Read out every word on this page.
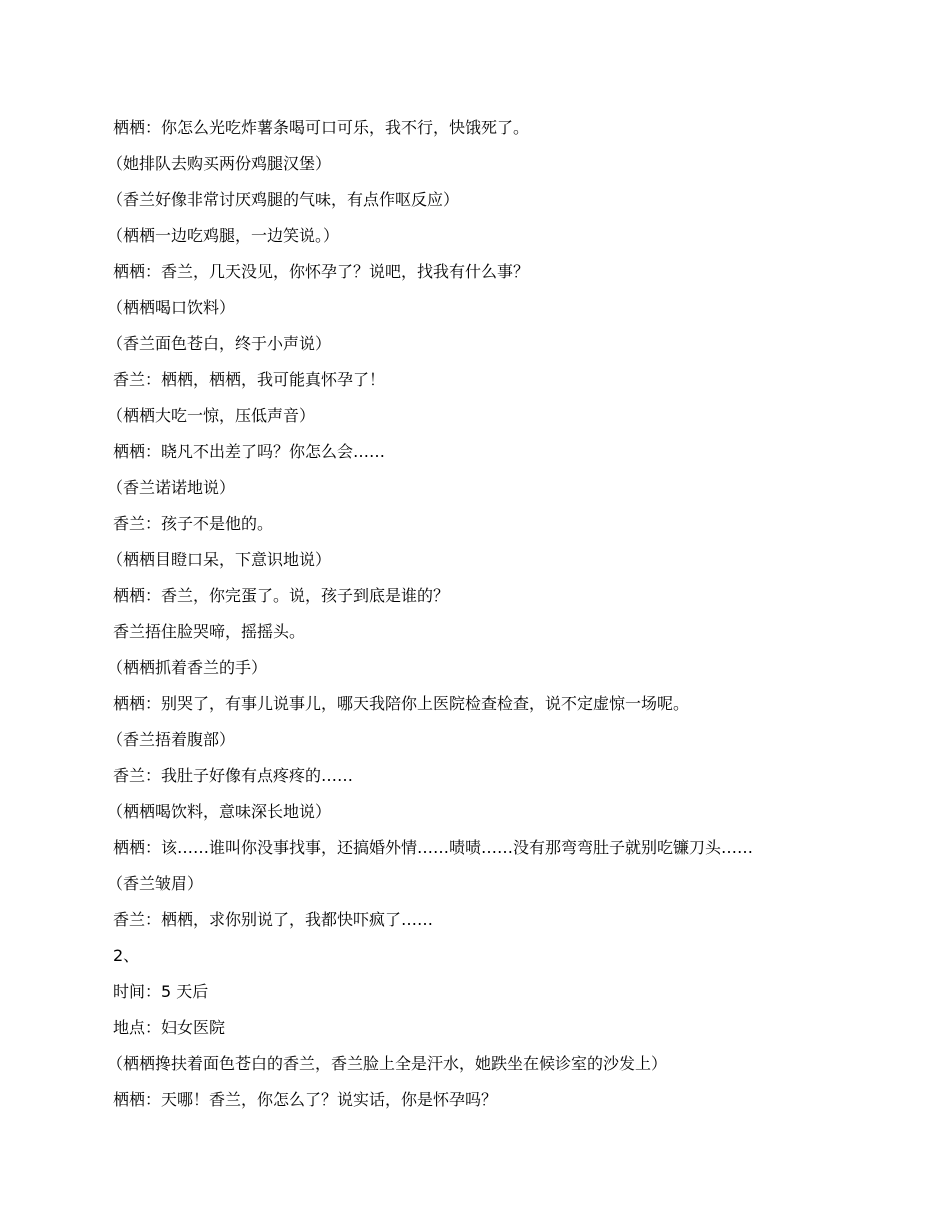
栖栖：你怎么光吃炸薯条喝可口可乐，我不行，快饿死了。
（她排队去购买两份鸡腿汉堡）
（香兰好像非常讨厌鸡腿的气味，有点作呕反应）
（栖栖一边吃鸡腿，一边笑说。）
栖栖：香兰，几天没见，你怀孕了？说吧，找我有什么事？
（栖栖喝口饮料）
（香兰面色苍白，终于小声说）
香兰：栖栖，栖栖，我可能真怀孕了！
（栖栖大吃一惊，压低声音）
栖栖：晓凡不出差了吗？你怎么会……
（香兰诺诺地说）
香兰：孩子不是他的。
（栖栖目瞪口呆，下意识地说）
栖栖：香兰，你完蛋了。说，孩子到底是谁的？
香兰捂住脸哭啼，摇摇头。
（栖栖抓着香兰的手）
栖栖：别哭了，有事儿说事儿，哪天我陪你上医院检查检查，说不定虚惊一场呢。
（香兰捂着腹部）
香兰：我肚子好像有点疼疼的……
（栖栖喝饮料，意味深长地说）
栖栖：该……谁叫你没事找事，还搞婚外情……啧啧……没有那弯弯肚子就别吃镰刀头……
（香兰皱眉）
香兰：栖栖，求你别说了，我都快吓疯了……
2、
时间：5 天后
地点：妇女医院
（栖栖搀扶着面色苍白的香兰，香兰脸上全是汗水，她跌坐在候诊室的沙发上）
栖栖：天哪！香兰，你怎么了？说实话，你是怀孕吗？
